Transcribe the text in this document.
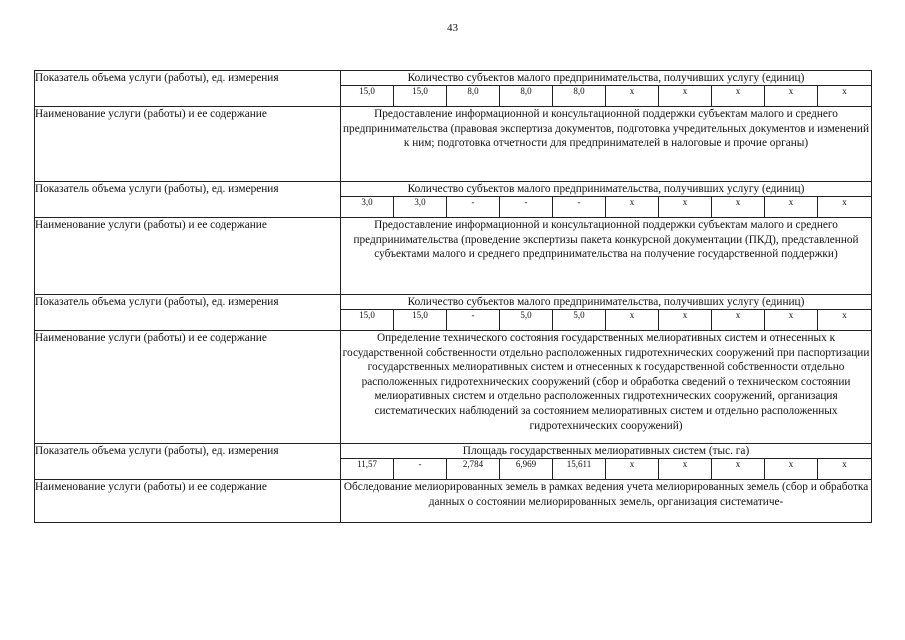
43
Показатель объема услуги (работы), ед. измерения	Количество субъектов малого предпринимательства, получивших услугу (единиц)									
	15,0	15,0	8,0	8,0	8,0	x	x	x	x	x
Наименование услуги (работы) и ее содержание	Предоставление информационной и консультационной поддержки субъектам малого и среднего предпринимательства (правовая экспертиза документов, подготовка учредительных документов и изменений к ним; подготовка отчетности для предпринимателей в налоговые и прочие органы)									
Показатель объема услуги (работы), ед. измерения	Количество субъектов малого предпринимательства, получивших услугу (единиц)									
	3,0	3,0	-	-	-	x	x	x	x	x
Наименование услуги (работы) и ее содержание	Предоставление информационной и консультационной поддержки субъектам малого и среднего предпринимательства (проведение экспертизы пакета конкурсной документации (ПКД), представленной субъектами малого и среднего предпринимательства на получение государственной поддержки)									
Показатель объема услуги (работы), ед. измерения	Количество субъектов малого предпринимательства, получивших услугу (единиц)									
	15,0	15,0	-	5,0	5,0	x	x	x	x	x
Наименование услуги (работы) и ее содержание	Определение технического состояния государственных мелиоративных систем и отнесенных к государственной собственности отдельно расположенных гидротехнических сооружений при паспортизации государственных мелиоративных систем и отнесенных к государственной собственности отдельно расположенных гидротехнических сооружений (сбор и обработка сведений о техническом состоянии мелиоративных систем и отдельно расположенных гидротехнических сооружений, организация систематических наблюдений за состоянием мелиоративных систем и отдельно расположенных гидротехнических сооружений)									
Показатель объема услуги (работы), ед. измерения	Площадь государственных мелиоративных систем (тыс. га)									
	11,57	-	2,784	6,969	15,611	x	x	x	x	x
Наименование услуги (работы) и ее содержание	Обследование мелиорированных земель в рамках ведения учета мелиорированных земель (сбор и обработка данных о состоянии мелиорированных земель, организация систематиче-									
